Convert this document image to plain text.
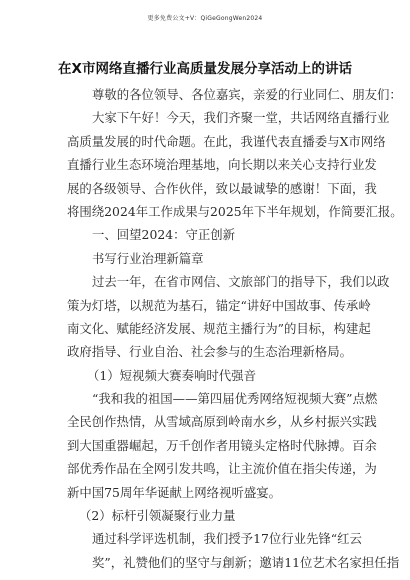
更多免费公文+V：QiGeGongWen2024
在X市网络直播行业高质量发展分享活动上的讲话
尊敬的各位领导、各位嘉宾，亲爱的行业同仁、朋友们：
大家下午好！今天，我们齐聚一堂，共话网络直播行业
高质量发展的时代命题。在此，我谨代表直播委与X市网络
直播行业生态环境治理基地，向长期以来关心支持行业发
展的各级领导、合作伙伴，致以最诚挚的感谢！下面，我
将围绕2024年工作成果与2025年下半年规划，作简要汇报。
一、回望2024：守正创新
书写行业治理新篇章
过去一年，在省市网信、文旅部门的指导下，我们以政
策为灯塔，以规范为基石，锚定“讲好中国故事、传承岭
南文化、赋能经济发展、规范主播行为”的目标，构建起
政府指导、行业自治、社会参与的生态治理新格局。
（1）短视频大赛奏响时代强音
“我和我的祖国——第四届优秀网络短视频大赛”点燃
全民创作热情，从雪域高原到岭南水乡，从乡村振兴实践
到大国重器崛起，万千创作者用镜头定格时代脉搏。百余
部优秀作品在全网引发共鸣，让主流价值在指尖传递，为
新中国75周年华诞献上网络视听盛宴。
（2）标杆引领凝聚行业力量
通过科学评选机制，我们授予17位行业先锋“红云
奖”，礼赞他们的坚守与創新；邀请11位艺术名家担任指
